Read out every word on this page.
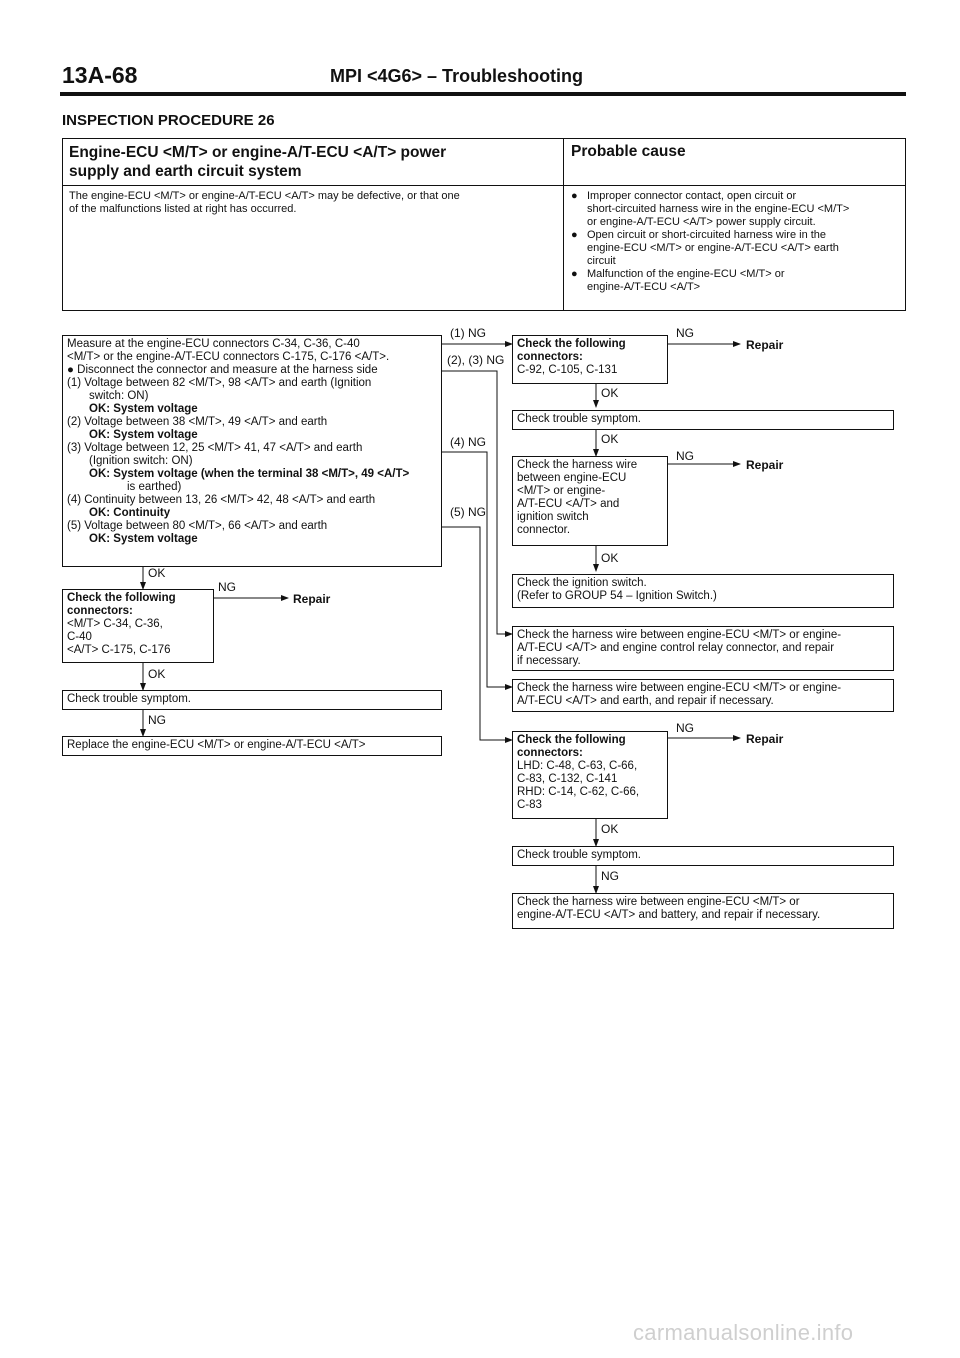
13A-68	MPI <4G6> – Troubleshooting
INSPECTION PROCEDURE 26
Engine-ECU <M/T> or engine-A/T-ECU <A/T> power
supply and earth circuit system
Probable cause
The engine-ECU <M/T> or engine-A/T-ECU <A/T> may be defective, or that one
of the malfunctions listed at right has occurred.
● Improper connector contact, open circuit or
short-circuited harness wire in the engine-ECU <M/T>
or engine-A/T-ECU <A/T> power supply circuit.
● Open circuit or short-circuited harness wire in the
engine-ECU <M/T> or engine-A/T-ECU <A/T> earth
circuit
● Malfunction of the engine-ECU <M/T> or
engine-A/T-ECU <A/T>
Measure at the engine-ECU connectors C-34, C-36, C-40
<M/T> or the engine-A/T-ECU connectors C-175, C-176 <A/T>.
● Disconnect the connector and measure at the harness side
(1) Voltage between 82 <M/T>, 98 <A/T> and earth (Ignition
switch: ON)
OK: System voltage
(2) Voltage between 38 <M/T>, 49 <A/T> and earth
OK: System voltage
(3) Voltage between 12, 25 <M/T> 41, 47 <A/T> and earth
(Ignition switch: ON)
OK: System voltage (when the terminal 38 <M/T>, 49 <A/T>
is earthed)
(4) Continuity between 13, 26 <M/T> 42, 48 <A/T> and earth
OK: Continuity
(5) Voltage between 80 <M/T>, 66 <A/T> and earth
OK: System voltage
Check the following
connectors:
<M/T> C-34, C-36,
C-40
<A/T> C-175, C-176
Check trouble symptom.
Replace the engine-ECU <M/T> or engine-A/T-ECU <A/T>
Check the following
connectors:
C-92, C-105, C-131
Check trouble symptom.
Check the harness wire
between engine-ECU
<M/T> or engine-
A/T-ECU <A/T> and
ignition switch
connector.
Check the ignition switch.
(Refer to GROUP 54 – Ignition Switch.)
Check the harness wire between engine-ECU <M/T> or engine-
A/T-ECU <A/T> and engine control relay connector, and repair
if necessary.
Check the harness wire between engine-ECU <M/T> or engine-
A/T-ECU <A/T> and earth, and repair if necessary.
Check the following
connectors:
LHD: C-48, C-63, C-66,
C-83, C-132, C-141
RHD: C-14, C-62, C-66,
C-83
Check trouble symptom.
Check the harness wire between engine-ECU <M/T> or
engine-A/T-ECU <A/T> and battery, and repair if necessary.
(1) NG
(2), (3) NG
(4) NG
(5) NG
NG
Repair
OK
OK
NG
Repair
OK
NG
Repair
OK
NG
OK
NG
Repair
OK
NG
carmanualsonline.info
